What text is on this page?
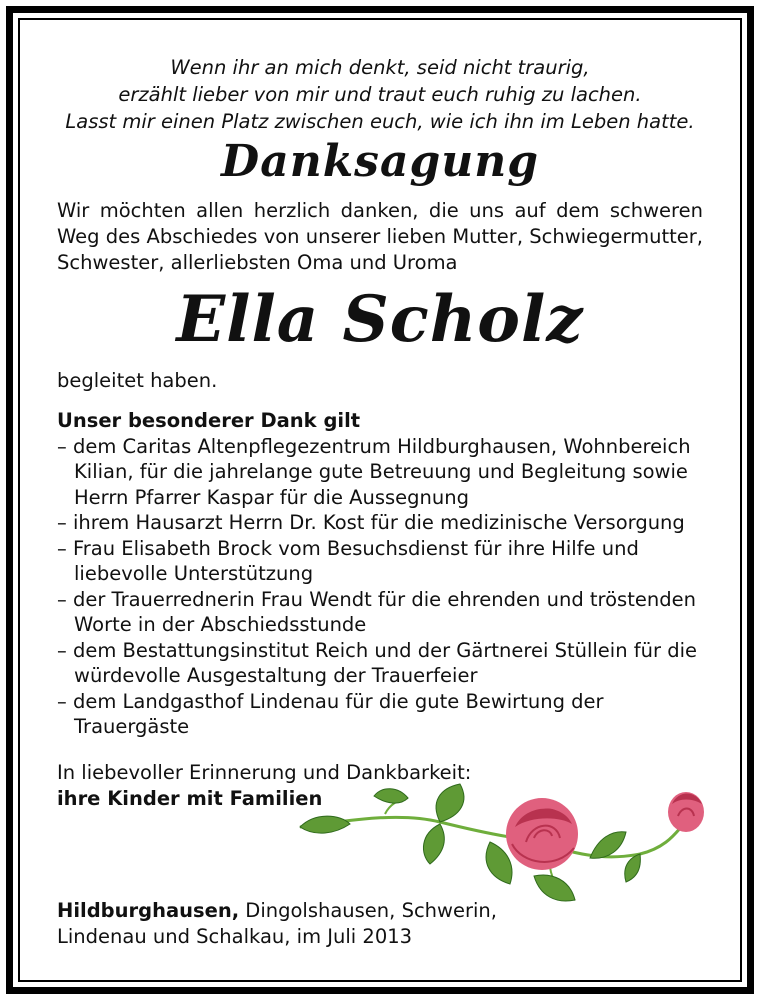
Wenn ihr an mich denkt, seid nicht traurig,
erzählt lieber von mir und traut euch ruhig zu lachen.
Lasst mir einen Platz zwischen euch, wie ich ihn im Leben hatte.
Danksagung
Wir möchten allen herzlich danken, die uns auf dem schweren
Weg des Abschiedes von unserer lieben Mutter, Schwiegermutter,
Schwester, allerliebsten Oma und Uroma
Ella Scholz
begleitet haben.
Unser besonderer Dank gilt
– dem Caritas Altenpflegezentrum Hildburghausen, Wohnbereich Kilian, für die jahrelange gute Betreuung und Begleitung sowie Herrn Pfarrer Kaspar für die Aussegnung
– ihrem Hausarzt Herrn Dr. Kost für die medizinische Versorgung
– Frau Elisabeth Brock vom Besuchsdienst für ihre Hilfe und liebevolle Unterstützung
– der Trauerrednerin Frau Wendt für die ehrenden und tröstenden Worte in der Abschiedsstunde
– dem Bestattungsinstitut Reich und der Gärtnerei Stüllein für die würdevolle Ausgestaltung der Trauerfeier
– dem Landgasthof Lindenau für die gute Bewirtung der Trauergäste
In liebevoller Erinnerung und Dankbarkeit:
ihre Kinder mit Familien
Hildburghausen, Dingolshausen, Schwerin,
Lindenau und Schalkau, im Juli 2013
